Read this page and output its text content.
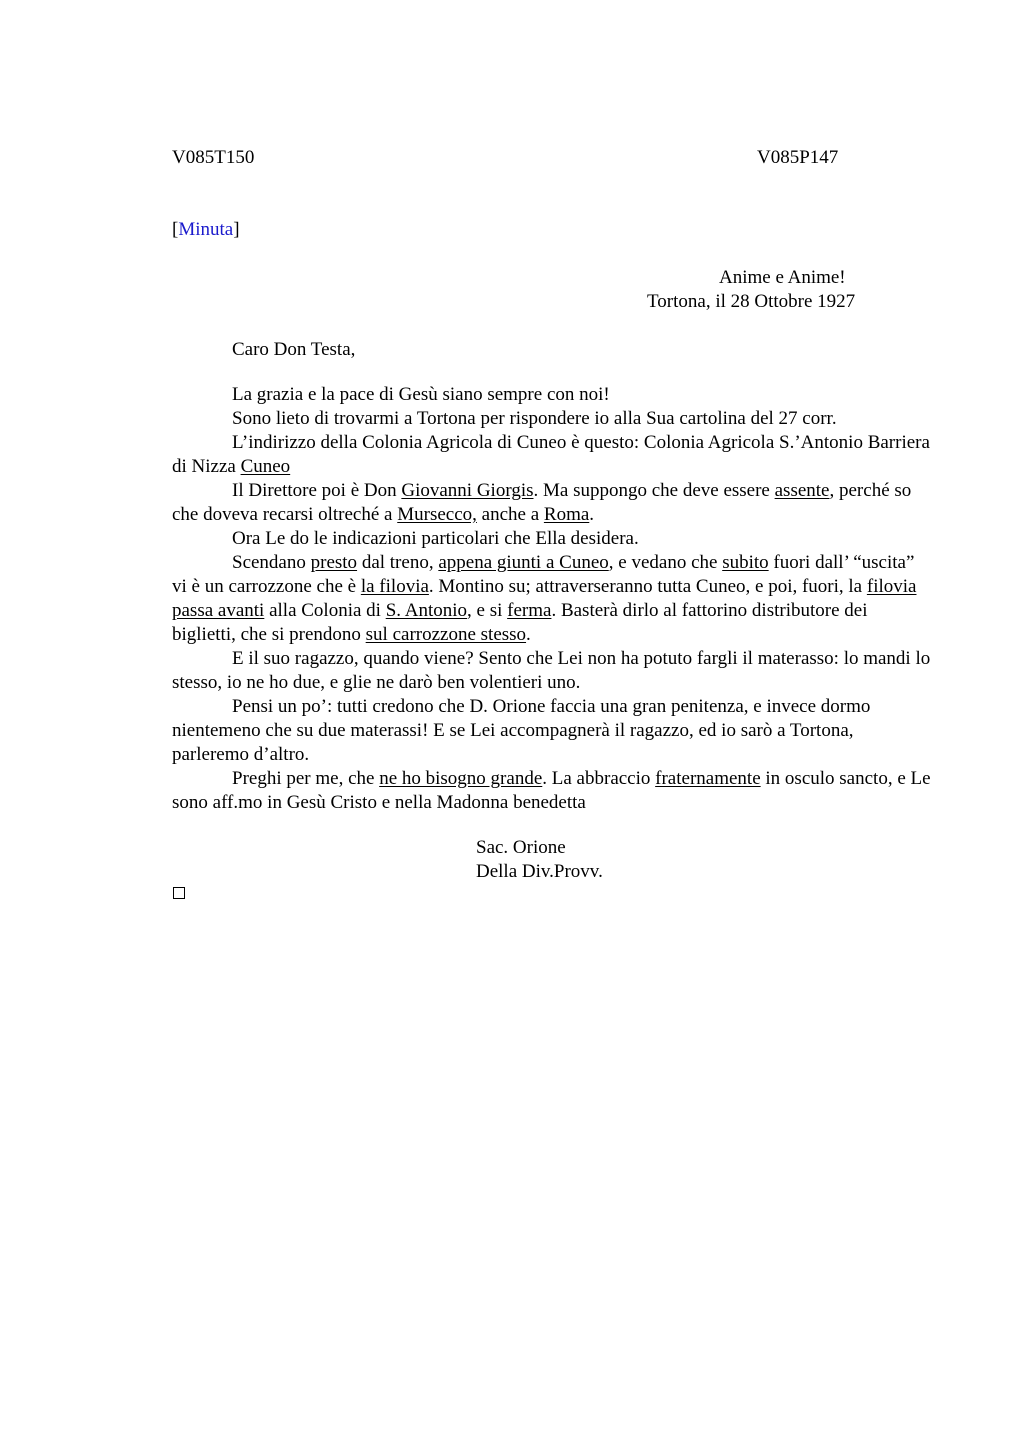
V085T150	V085P147
[Minuta]
Anime e Anime!
Tortona, il 28 Ottobre 1927
Caro Don Testa,

La grazia e la pace di Gesù siano sempre con noi!

Sono lieto di trovarmi a Tortona per rispondere io alla Sua cartolina del 27 corr.

L’indirizzo della Colonia Agricola di Cuneo è questo: Colonia Agricola S.’Antonio Barriera di Nizza Cuneo

Il Direttore poi è Don Giovanni Giorgis. Ma suppongo che deve essere assente, perché so che doveva recarsi oltreché a Mursecco, anche a Roma.

Ora Le do le indicazioni particolari che Ella desidera.

Scendano presto dal treno, appena giunti a Cuneo, e vedano che subito fuori dall’ “uscita” vi è un carrozzone che è la filovia. Montino su; attraverseranno tutta Cuneo, e poi, fuori, la filovia passa avanti alla Colonia di S. Antonio, e si ferma. Basterà dirlo al fattorino distributore dei biglietti, che si prendono sul carrozzone stesso.

E il suo ragazzo, quando viene? Sento che Lei non ha potuto fargli il materasso: lo mandi lo stesso, io ne ho due, e glie ne darò ben volentieri uno.

Pensi un po’: tutti credono che D. Orione faccia una gran penitenza, e invece dormo nientemeno che su due materassi! E se Lei accompagnerà il ragazzo, ed io sarò a Tortona, parleremo d’altro.

Preghi per me, che ne ho bisogno grande. La abbraccio fraternamente in osculo sancto, e Le sono aff.mo in Gesù Cristo e nella Madonna benedetta

Sac. Orione
Della Div.Provv.
